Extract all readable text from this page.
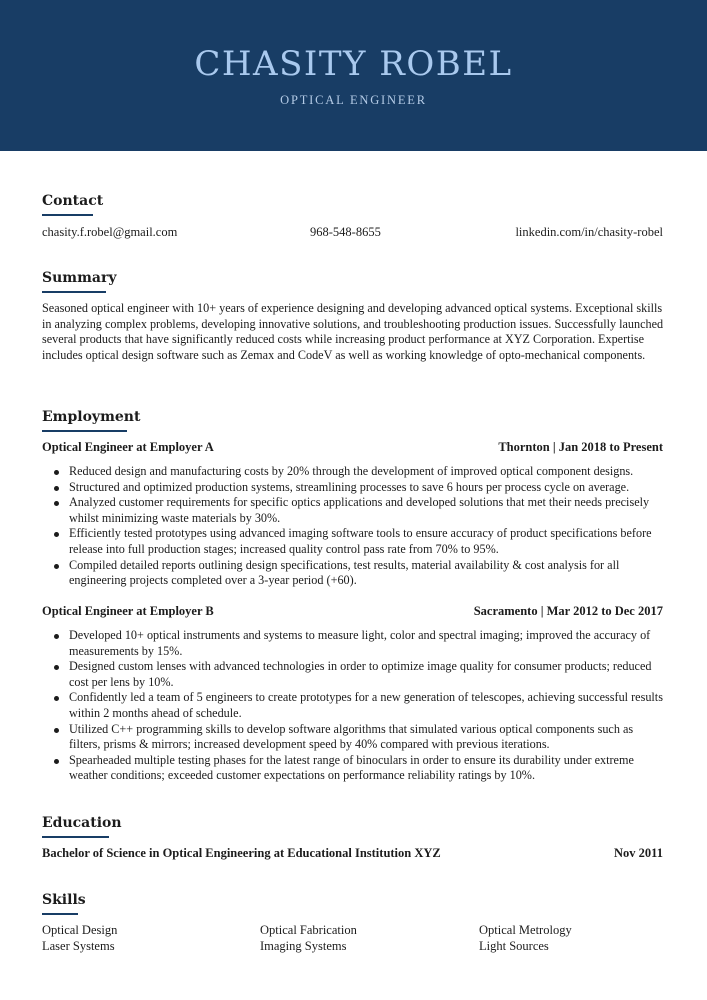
CHASITY ROBEL
OPTICAL ENGINEER
Contact
chasity.f.robel@gmail.com	968-548-8655	linkedin.com/in/chasity-robel
Summary
Seasoned optical engineer with 10+ years of experience designing and developing advanced optical systems. Exceptional skills in analyzing complex problems, developing innovative solutions, and troubleshooting production issues. Successfully launched several products that have significantly reduced costs while increasing product performance at XYZ Corporation. Expertise includes optical design software such as Zemax and CodeV as well as working knowledge of opto-mechanical components.
Employment
Optical Engineer at Employer A	Thornton | Jan 2018 to Present
Reduced design and manufacturing costs by 20% through the development of improved optical component designs.
Structured and optimized production systems, streamlining processes to save 6 hours per process cycle on average.
Analyzed customer requirements for specific optics applications and developed solutions that met their needs precisely whilst minimizing waste materials by 30%.
Efficiently tested prototypes using advanced imaging software tools to ensure accuracy of product specifications before release into full production stages; increased quality control pass rate from 70% to 95%.
Compiled detailed reports outlining design specifications, test results, material availability & cost analysis for all engineering projects completed over a 3-year period (+60).
Optical Engineer at Employer B	Sacramento | Mar 2012 to Dec 2017
Developed 10+ optical instruments and systems to measure light, color and spectral imaging; improved the accuracy of measurements by 15%.
Designed custom lenses with advanced technologies in order to optimize image quality for consumer products; reduced cost per lens by 10%.
Confidently led a team of 5 engineers to create prototypes for a new generation of telescopes, achieving successful results within 2 months ahead of schedule.
Utilized C++ programming skills to develop software algorithms that simulated various optical components such as filters, prisms & mirrors; increased development speed by 40% compared with previous iterations.
Spearheaded multiple testing phases for the latest range of binoculars in order to ensure its durability under extreme weather conditions; exceeded customer expectations on performance reliability ratings by 10%.
Education
Bachelor of Science in Optical Engineering at Educational Institution XYZ	Nov 2011
Skills
Optical Design	Optical Fabrication	Optical Metrology
Laser Systems	Imaging Systems	Light Sources
